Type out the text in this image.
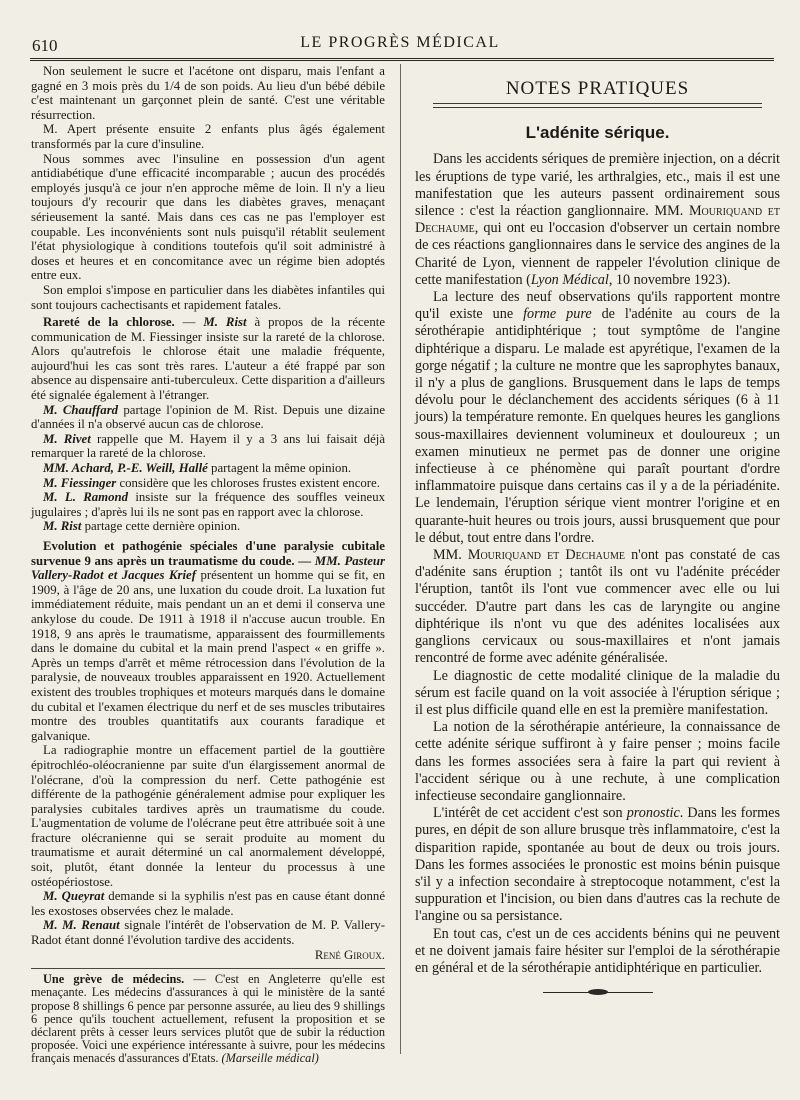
610	LE PROGRÈS MÉDICAL

Non seulement le sucre et l'acétone ont disparu, mais l'enfant a gagné en 3 mois près du 1/4 de son poids. Au lieu d'un bébé débile c'est maintenant un garçonnet plein de santé. C'est une véritable résurrection.

M. Apert présente ensuite 2 enfants plus âgés également transformés par la cure d'insuline.

Nous sommes avec l'insuline en possession d'un agent antidiabétique d'une efficacité incomparable ; aucun des procédés employés jusqu'à ce jour n'en approche même de loin. Il n'y a lieu toujours d'y recourir que dans les diabètes graves, menaçant sérieusement la santé. Mais dans ces cas ne pas l'employer est coupable. Les inconvénients sont nuls puisqu'il rétablit seulement l'état physiologique à conditions toutefois qu'il soit administré à doses et heures et en concomitance avec un régime bien adoptés entre eux.

Son emploi s'impose en particulier dans les diabètes infantiles qui sont toujours cachectisants et rapidement fatales.

Rareté de la chlorose. — M. Rist à propos de la récente communication de M. Fiessinger insiste sur la rareté de la chlorose. Alors qu'autrefois le chlorose était une maladie fréquente, aujourd'hui les cas sont très rares. L'auteur a été frappé par son absence au dispensaire anti-tuberculeux. Cette disparition a d'ailleurs été signalée également à l'étranger.

M. Chauffard partage l'opinion de M. Rist. Depuis une dizaine d'années il n'a observé aucun cas de chlorose.

M. Rivet rappelle que M. Hayem il y a 3 ans lui faisait déjà remarquer la rareté de la chlorose.

MM. Achard, P.-E. Weill, Hallé partagent la même opinion.

M. Fiessinger considère que les chloroses frustes existent encore.

M. L. Ramond insiste sur la fréquence des souffles veineux jugulaires ; d'après lui ils ne sont pas en rapport avec la chlorose.

M. Rist partage cette dernière opinion.

Evolution et pathogénie spéciales d'une paralysie cubitale survenue 9 ans après un traumatisme du coude. — MM. Pasteur Vallery-Radot et Jacques Krief présentent un homme qui se fit, en 1909, à l'âge de 20 ans, une luxation du coude droit. La luxation fut immédiatement réduite, mais pendant un an et demi il conserva une ankylose du coude. De 1911 à 1918 il n'accuse aucun trouble. En 1918, 9 ans après le traumatisme, apparaissent des fourmillements dans le domaine du cubital et la main prend l'aspect « en griffe ». Après un temps d'arrêt et même rétrocession dans l'évolution de la paralysie, de nouveaux troubles apparaissent en 1920. Actuellement existent des troubles trophiques et moteurs marqués dans le domaine du cubital et l'examen électrique du nerf et de ses muscles tributaires montre des troubles quantitatifs aux courants faradique et galvanique.

La radiographie montre un effacement partiel de la gouttière épitrochléo-oléocranienne par suite d'un élargissement anormal de l'olécrane, d'où la compression du nerf. Cette pathogénie est différente de la pathogénie généralement admise pour expliquer les paralysies cubitales tardives après un traumatisme du coude. L'augmentation de volume de l'olécrane peut être attribuée soit à une fracture olécranienne qui se serait produite au moment du traumatisme et aurait déterminé un cal anormalement développé, soit, plutôt, étant donnée la lenteur du processus à une ostéopériostose.

M. Queyrat demande si la syphilis n'est pas en cause étant donné les exostoses observées chez le malade.

M. M. Renaut signale l'intérêt de l'observation de M. P. Vallery-Radot étant donné l'évolution tardive des accidents.

René Giroux.

Une grève de médecins. — C'est en Angleterre qu'elle est menaçante. Les médecins d'assurances à qui le ministère de la santé propose 8 shillings 6 pence par personne assurée, au lieu des 9 shillings 6 pence qu'ils touchent actuellement, refusent la proposition et se déclarent prêts à cesser leurs services plutôt que de subir la réduction proposée. Voici une expérience intéressante à suivre, pour les médecins français menacés d'assurances d'Etats. (Marseille médical)

NOTES PRATIQUES
L'adénite sérique.

Dans les accidents sériques de première injection, on a décrit les éruptions de type varié, les arthralgies, etc., mais il est une manifestation que les auteurs passent ordinairement sous silence : c'est la réaction ganglionnaire. MM. Mouriquand et Dechaume, qui ont eu l'occasion d'observer un certain nombre de ces réactions ganglionnaires dans le service des angines de la Charité de Lyon, viennent de rappeler l'évolution clinique de cette manifestation (Lyon Médical, 10 novembre 1923).

La lecture des neuf observations qu'ils rapportent montre qu'il existe une forme pure de l'adénite au cours de la sérothérapie antidiphtérique ; tout symptôme de l'angine diphtérique a disparu. Le malade est apyrétique, l'examen de la gorge négatif ; la culture ne montre que les saprophytes banaux, il n'y a plus de ganglions. Brusquement dans le laps de temps dévolu pour le déclanchement des accidents sériques (6 à 11 jours) la température remonte. En quelques heures les ganglions sous-maxillaires deviennent volumineux et douloureux ; un examen minutieux ne permet pas de donner une origine infectieuse à ce phénomène qui paraît pourtant d'ordre inflammatoire puisque dans certains cas il y a de la périadénite. Le lendemain, l'éruption sérique vient montrer l'origine et en quarante-huit heures ou trois jours, aussi brusquement que pour le début, tout entre dans l'ordre.

MM. Mouriquand et Dechaume n'ont pas constaté de cas d'adénite sans éruption ; tantôt ils ont vu l'adénite précéder l'éruption, tantôt ils l'ont vue commencer avec elle ou lui succéder. D'autre part dans les cas de laryngite ou angine diphtérique ils n'ont vu que des adénites localisées aux ganglions cervicaux ou sous-maxillaires et n'ont jamais rencontré de forme avec adénite généralisée.

Le diagnostic de cette modalité clinique de la maladie du sérum est facile quand on la voit associée à l'éruption sérique ; il est plus difficile quand elle en est la première manifestation.

La notion de la sérothérapie antérieure, la connaissance de cette adénite sérique suffiront à y faire penser ; moins facile dans les formes associées sera à faire la part qui revient à l'accident sérique ou à une rechute, à une complication infectieuse secondaire ganglionnaire.

L'intérêt de cet accident c'est son pronostic. Dans les formes pures, en dépit de son allure brusque très inflammatoire, c'est la disparition rapide, spontanée au bout de deux ou trois jours. Dans les formes associées le pronostic est moins bénin puisque s'il y a infection secondaire à streptocoque notamment, c'est la suppuration et l'incision, ou bien dans d'autres cas la rechute de l'angine ou sa persistance.

En tout cas, c'est un de ces accidents bénins qui ne peuvent et ne doivent jamais faire hésiter sur l'emploi de la sérothérapie en général et de la sérothérapie antidiphtérique en particulier.
